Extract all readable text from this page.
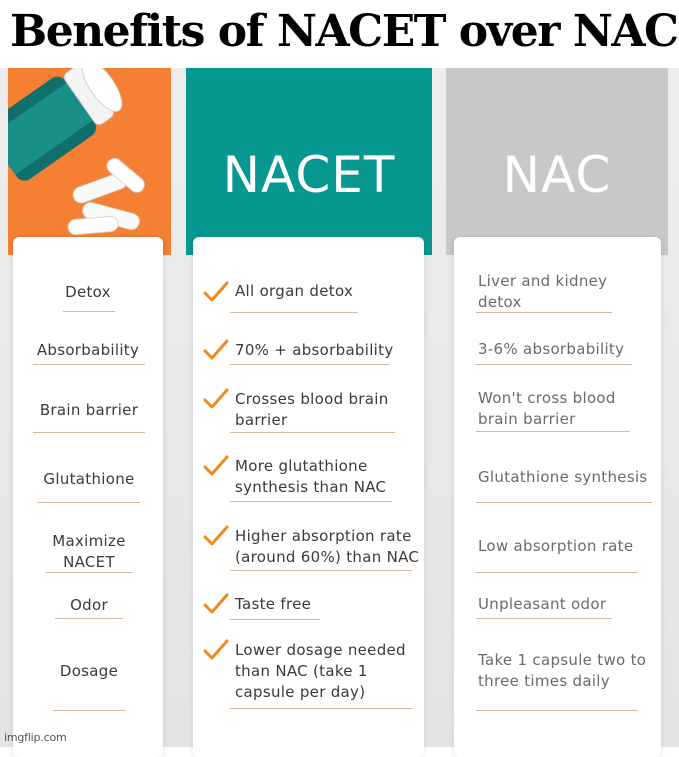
Benefits of NACET over NAC
NACET	NAC
Detox
Absorbability
Brain barrier
Glutathione
Maximize NACET
Odor
Dosage
All organ detox
70% + absorbability
Crosses blood brain barrier
More glutathione synthesis than NAC
Higher absorption rate (around 60%) than NAC
Taste free
Lower dosage needed than NAC (take 1 capsule per day)
Liver and kidney detox
3-6% absorbability
Won't cross blood brain barrier
Glutathione synthesis
Low absorption rate
Unpleasant odor
Take 1 capsule two to three times daily
imgflip.com
